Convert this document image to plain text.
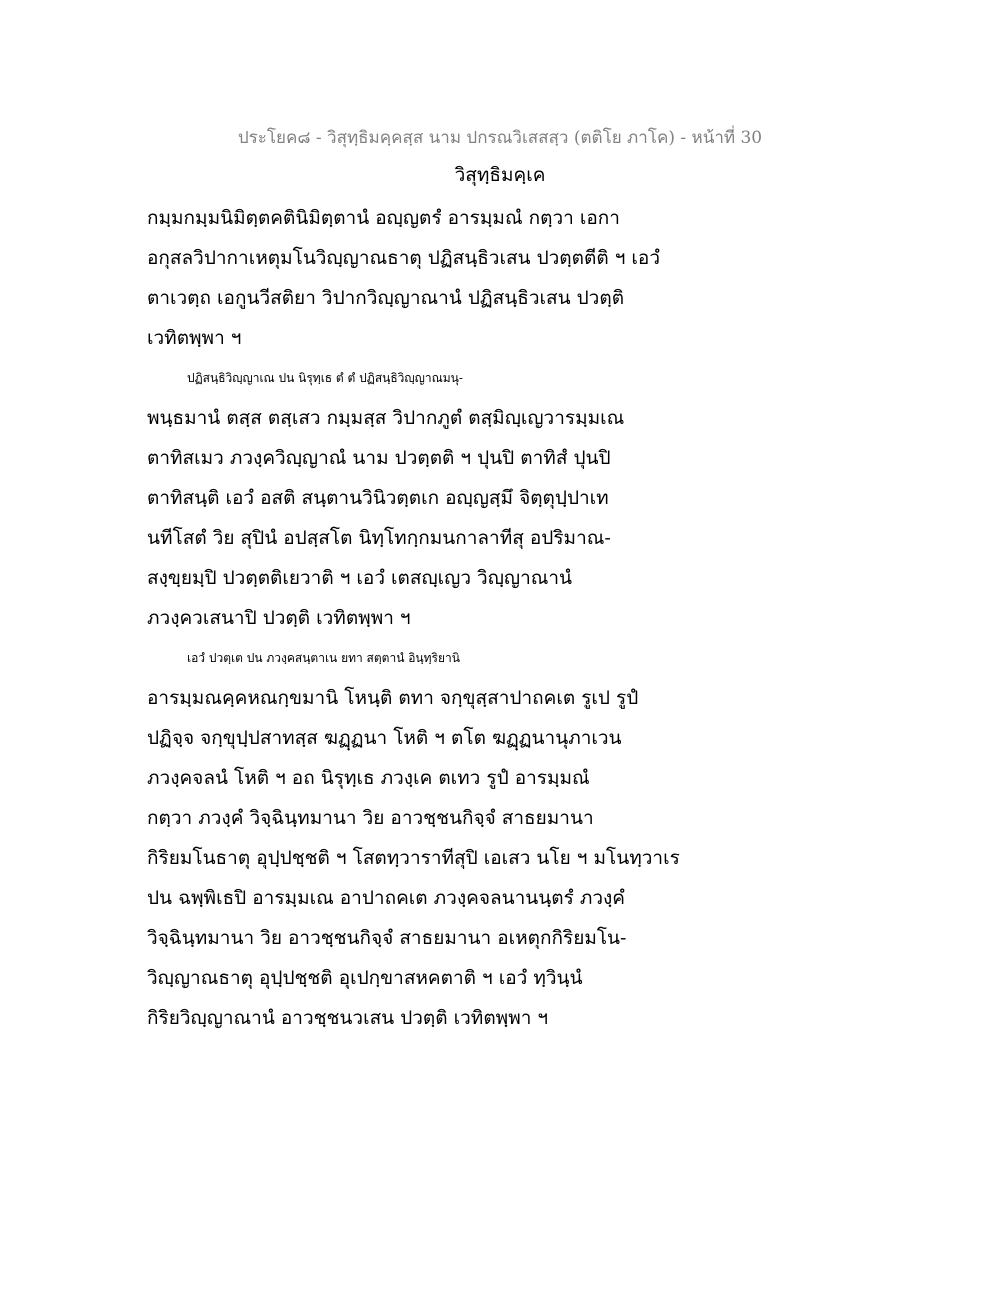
ประโยค๘ - วิสุทฺธิมคฺคสฺส นาม ปกรณวิเสสสฺว (ตติโย ภาโค) - หน้าที่ 30
วิสุทฺธิมคฺเค
กมฺมกมฺมนิมิตฺตคตินิมิตฺตานํ อญฺญตรํ อารมฺมณํ กตฺวา เอกา
อกุสลวิปากาเหตุมโนวิญฺญาณธาตุ ปฏิสนฺธิวเสน ปวตฺตตีติ ฯ เอวํ
ตาเวตฺถ เอกูนวีสติยา วิปากวิญฺญาณานํ ปฏิสนฺธิวเสน ปวตฺติ
เวทิตพฺพา ฯ
ปฏิสนฺธิวิญฺญาเณ ปน นิรุทฺเธ ตํ ตํ ปฏิสนฺธิวิญฺญาณมนุ-
พนฺธมานํ ตสฺส ตสฺเสว กมฺมสฺส วิปากภูตํ ตสฺมิญฺเญวารมฺมเณ
ตาทิสเมว ภวงฺควิญฺญาณํ นาม ปวตฺตติ ฯ ปุนปิ ตาทิสํ ปุนปิ
ตาทิสนฺติ เอวํ อสติ สนฺตานวินิวตฺตเก อญฺญสฺมึ จิตฺตุปฺปาเท
นทีโสตํ วิย สุปินํ อปสฺสโต นิทฺโทกฺกมนกาลาทีสุ อปริมาณ-
สงฺขฺยมฺปิ ปวตฺตติเยวาติ ฯ เอวํ เตสญฺเญว วิญฺญาณานํ
ภวงฺควเสนาปิ ปวตฺติ เวทิตพฺพา ฯ
เอวํ ปวตฺเต ปน ภวงฺคสนฺตาเน ยทา สตฺตานํ อินฺทฺริยานิ
อารมฺมณคฺคหณกฺขมานิ โหนฺติ ตทา จกฺขุสฺสาปาถคเต รูเป รูปํ
ปฏิจฺจ จกฺขุปฺปสาทสฺส ฆฏฺฏนา โหติ ฯ ตโต ฆฏฺฏนานุภาเวน
ภวงฺคจลนํ โหติ ฯ อถ นิรุทฺเธ ภวงฺเค ตเทว รูปํ อารมฺมณํ
กตฺวา ภวงฺคํ วิจฺฉินฺทมานา วิย อาวชฺชนกิจฺจํ สาธยมานา
กิริยมโนธาตุ อุปฺปชฺชติ ฯ โสตทฺวาราทีสุปิ เอเสว นโย ฯ มโนทฺวาเร
ปน ฉพฺพิเธปิ อารมฺมเณ อาปาถคเต ภวงฺคจลนานนฺตรํ ภวงฺคํ
วิจฺฉินฺทมานา วิย อาวชฺชนกิจฺจํ สาธยมานา อเหตุกกิริยมโน-
วิญฺญาณธาตุ อุปฺปชฺชติ อุเปกฺขาสหคตาติ ฯ เอวํ ทฺวินฺนํ
กิริยวิญฺญาณานํ อาวชฺชนวเสน ปวตฺติ เวทิตพฺพา ฯ
